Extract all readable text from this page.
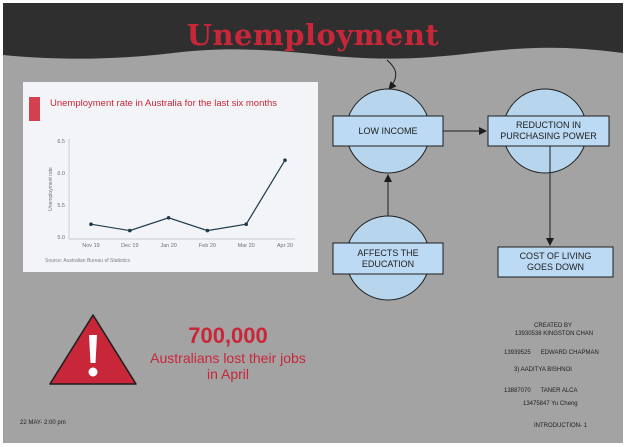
Unemployment
Unemployment rate in Australia for the last six months
5.0
5.5
6.0
6.5
Nov 19	Dec 19	Jan 20	Feb 20	Mar 20	Apr 20
Unemployment rate
Source: Australian Bureau of Statistics
LOW INCOME
REDUCTION IN PURCHASING POWER
AFFECTS THE EDUCATION
COST OF LIVING GOES DOWN
700,000
Australians lost their jobs in April
CREATED BY
13930538 KINGSTON CHAN
13939525      EDWARD CHAPMAN
3) AADITYA BISHNOI
13887070      TANER ALCA
13475847 Yu Cheng
22 MAY- 2:00 pm	INTRODUCTION- 1
